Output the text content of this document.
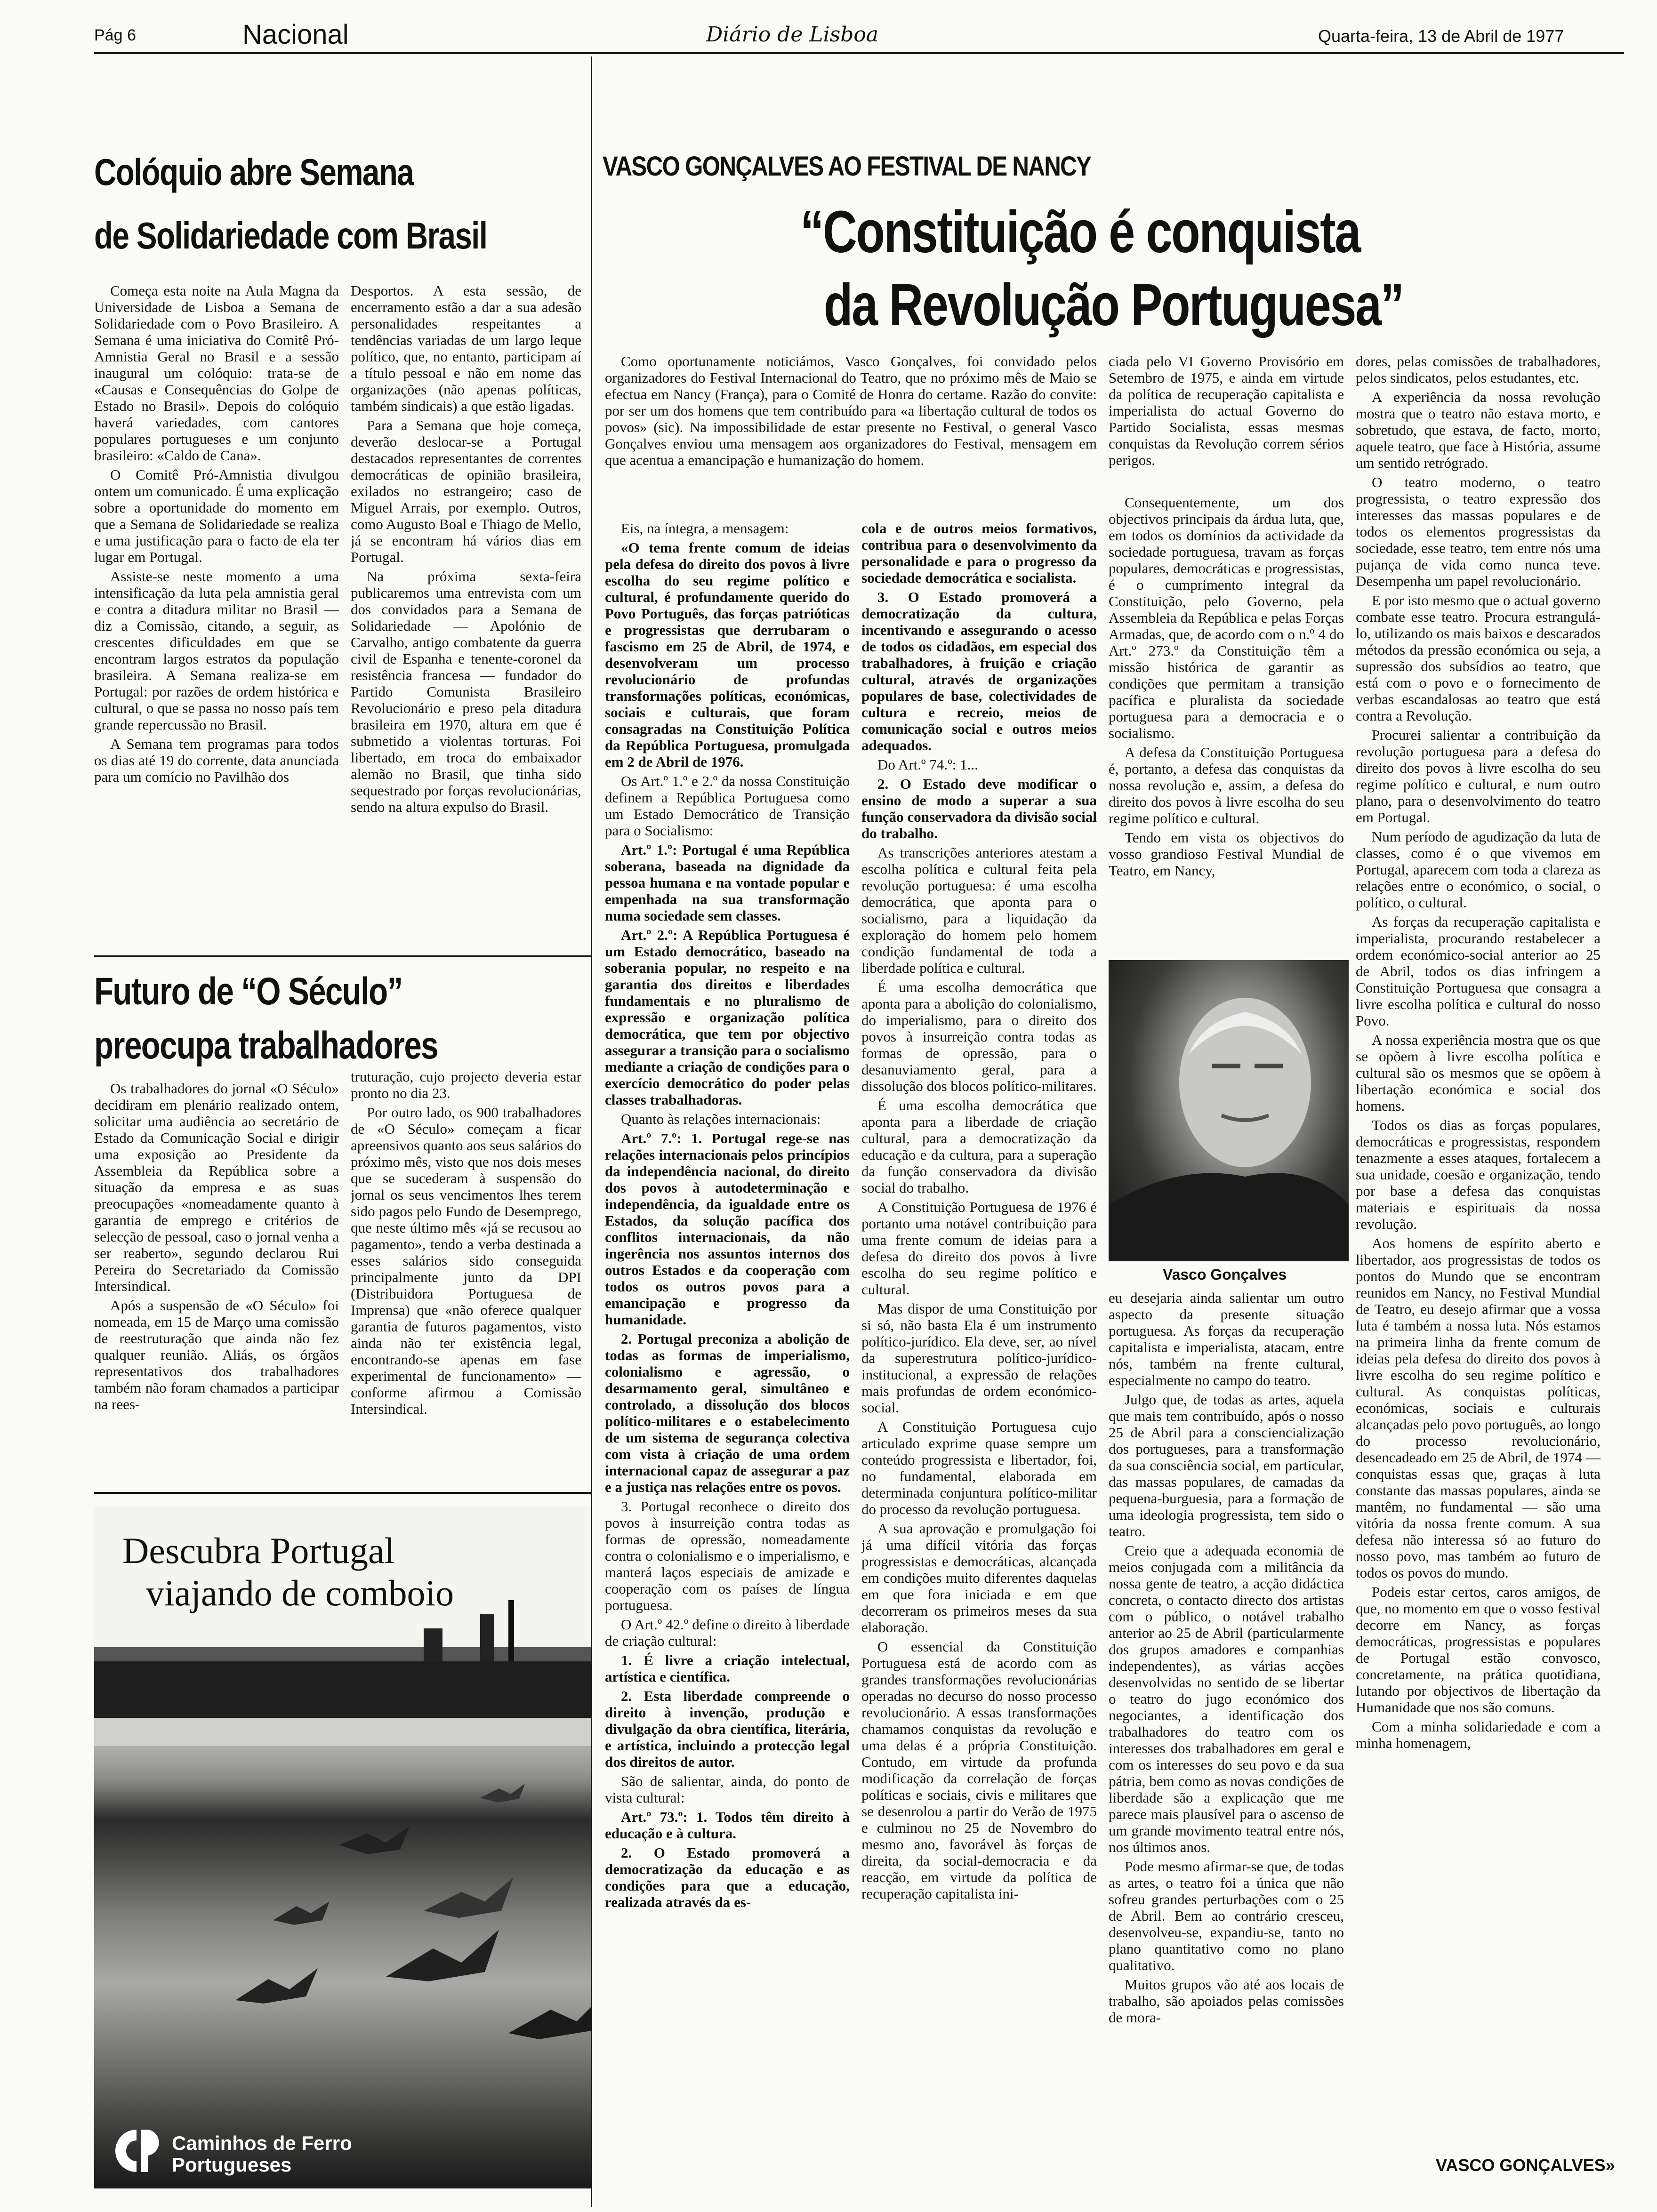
Pág 6	Nacional	Diário de Lisboa	Quarta-feira, 13 de Abril de 1977
Colóquio abre Semana
de Solidariedade com Brasil

Começa esta noite na Aula Magna da Universidade de Lisboa a Semana de Solidariedade com o Povo Brasileiro. A Semana é uma iniciativa do Comitê Pró-Amnistia Geral no Brasil e a sessão inaugural um colóquio: trata-se de «Causas e Consequências do Golpe de Estado no Brasil». Depois do colóquio haverá variedades, com cantores populares portugueses e um conjunto brasileiro: «Caldo de Cana».

O Comitê Pró-Amnistia divulgou ontem um comunicado. É uma explicação sobre a oportunidade do momento em que a Semana de Solidariedade se realiza e uma justificação para o facto de ela ter lugar em Portugal.

Assiste-se neste momento a uma intensificação da luta pela amnistia geral e contra a ditadura militar no Brasil — diz a Comissão, citando, a seguir, as crescentes dificuldades em que se encontram largos estratos da população brasileira. A Semana realiza-se em Portugal: por razões de ordem histórica e cultural, o que se passa no nosso país tem grande repercussão no Brasil.

A Semana tem programas para todos os dias até 19 do corrente, data anunciada para um comício no Pavilhão dos

Desportos. A esta sessão, de encerramento estão a dar a sua adesão personalidades respeitantes a tendências variadas de um largo leque político, que, no entanto, participam aí a título pessoal e não em nome das organizações (não apenas políticas, também sindicais) a que estão ligadas.

Para a Semana que hoje começa, deverão deslocar-se a Portugal destacados representantes de correntes democráticas de opinião brasileira, exilados no estrangeiro; caso de Miguel Arrais, por exemplo. Outros, como Augusto Boal e Thiago de Mello, já se encontram há vários dias em Portugal.

Na próxima sexta-feira publicaremos uma entrevista com um dos convidados para a Semana de Solidariedade — Apolónio de Carvalho, antigo combatente da guerra civil de Espanha e tenente-coronel da resistência francesa — fundador do Partido Comunista Brasileiro Revolucionário e preso pela ditadura brasileira em 1970, altura em que é submetido a violentas torturas. Foi libertado, em troca do embaixador alemão no Brasil, que tinha sido sequestrado por forças revolucionárias, sendo na altura expulso do Brasil.

Futuro de “O Século”
preocupa trabalhadores

Os trabalhadores do jornal «O Século» decidiram em plenário realizado ontem, solicitar uma audiência ao secretário de Estado da Comunicação Social e dirigir uma exposição ao Presidente da Assembleia da República sobre a situação da empresa e as suas preocupações «nomeadamente quanto à garantia de emprego e critérios de selecção de pessoal, caso o jornal venha a ser reaberto», segundo declarou Rui Pereira do Secretariado da Comissão Intersindical.

Após a suspensão de «O Século» foi nomeada, em 15 de Março uma comissão de reestruturação que ainda não fez qualquer reunião. Aliás, os órgãos representativos dos trabalhadores também não foram chamados a participar na rees-

truturação, cujo projecto deveria estar pronto no dia 23.

Por outro lado, os 900 trabalhadores de «O Século» começam a ficar apreensivos quanto aos seus salários do próximo mês, visto que nos dois meses que se sucederam à suspensão do jornal os seus vencimentos lhes terem sido pagos pelo Fundo de Desemprego, que neste último mês «já se recusou ao pagamento», tendo a verba destinada a esses salários sido conseguida principalmente junto da DPI (Distribuidora Portuguesa de Imprensa) que «não oferece qualquer garantia de futuros pagamentos, visto ainda não ter existência legal, encontrando-se apenas em fase experimental de funcionamento» — conforme afirmou a Comissão Intersindical.

Descubra Portugal
viajando de comboio
Caminhos de Ferro
Portugueses
VASCO GONÇALVES AO FESTIVAL DE NANCY
“Constituição é conquista
da Revolução Portuguesa”

Como oportunamente noticiámos, Vasco Gonçalves, foi convidado pelos organizadores do Festival Internacional do Teatro, que no próximo mês de Maio se efectua em Nancy (França), para o Comité de Honra do certame. Razão do convite: por ser um dos homens que tem contribuído para «a libertação cultural de todos os povos» (sic). Na impossibilidade de estar presente no Festival, o general Vasco Gonçalves enviou uma mensagem aos organizadores do Festival, mensagem em que acentua a emancipação e humanização do homem.

ciada pelo VI Governo Provisório em Setembro de 1975, e ainda em virtude da política de recuperação capitalista e imperialista do actual Governo do Partido Socialista, essas mesmas conquistas da Revolução correm sérios perigos.

Eis, na íntegra, a mensagem:

«O tema frente comum de ideias pela defesa do direito dos povos à livre escolha do seu regime político e cultural, é profundamente querido do Povo Português, das forças patrióticas e progressistas que derrubaram o fascismo em 25 de Abril, de 1974, e desenvolveram um processo revolucionário de profundas transformações políticas, económicas, sociais e culturais, que foram consagradas na Constituição Política da República Portuguesa, promulgada em 2 de Abril de 1976.

Os Art.º 1.º e 2.º da nossa Constituição definem a República Portuguesa como um Estado Democrático de Transição para o Socialismo:

Art.º 1.º: Portugal é uma República soberana, baseada na dignidade da pessoa humana e na vontade popular e empenhada na sua transformação numa sociedade sem classes.

Art.º 2.º: A República Portuguesa é um Estado democrático, baseado na soberania popular, no respeito e na garantia dos direitos e liberdades fundamentais e no pluralismo de expressão e organização política democrática, que tem por objectivo assegurar a transição para o socialismo mediante a criação de condições para o exercício democrático do poder pelas classes trabalhadoras.

Quanto às relações internacionais:

Art.º 7.º: 1. Portugal rege-se nas relações internacionais pelos princípios da independência nacional, do direito dos povos à autodeterminação e independência, da igualdade entre os Estados, da solução pacífica dos conflitos internacionais, da não ingerência nos assuntos internos dos outros Estados e da cooperação com todos os outros povos para a emancipação e progresso da humanidade.

2. Portugal preconiza a abolição de todas as formas de imperialismo, colonialismo e agressão, o desarmamento geral, simultâneo e controlado, a dissolução dos blocos político-militares e o estabelecimento de um sistema de segurança colectiva com vista à criação de uma ordem internacional capaz de assegurar a paz e a justiça nas relações entre os povos.

3. Portugal reconhece o direito dos povos à insurreição contra todas as formas de opressão, nomeadamente contra o colonialismo e o imperialismo, e manterá laços especiais de amizade e cooperação com os países de língua portuguesa.

O Art.º 42.º define o direito à liberdade de criação cultural:

1. É livre a criação intelectual, artística e científica.

2. Esta liberdade compreende o direito à invenção, produção e divulgação da obra científica, literária, e artística, incluindo a protecção legal dos direitos de autor.

São de salientar, ainda, do ponto de vista cultural:

Art.º 73.º: 1. Todos têm direito à educação e à cultura.

2. O Estado promoverá a democratização da educação e as condições para que a educação, realizada através da es-

cola e de outros meios formativos, contribua para o desenvolvimento da personalidade e para o progresso da sociedade democrática e socialista.

3. O Estado promoverá a democratização da cultura, incentivando e assegurando o acesso de todos os cidadãos, em especial dos trabalhadores, à fruição e criação cultural, através de organizações populares de base, colectividades de cultura e recreio, meios de comunicação social e outros meios adequados.

Do Art.º 74.º: 1...

2. O Estado deve modificar o ensino de modo a superar a sua função conservadora da divisão social do trabalho.

As transcrições anteriores atestam a escolha política e cultural feita pela revolução portuguesa: é uma escolha democrática, que aponta para o socialismo, para a liquidação da exploração do homem pelo homem condição fundamental de toda a liberdade política e cultural.

É uma escolha democrática que aponta para a abolição do colonialismo, do imperialismo, para o direito dos povos à insurreição contra todas as formas de opressão, para o desanuviamento geral, para a dissolução dos blocos político-militares.

É uma escolha democrática que aponta para a liberdade de criação cultural, para a democratização da educação e da cultura, para a superação da função conservadora da divisão social do trabalho.

A Constituição Portuguesa de 1976 é portanto uma notável contribuição para uma frente comum de ideias para a defesa do direito dos povos à livre escolha do seu regime político e cultural.

Mas dispor de uma Constituição por si só, não basta Ela é um instrumento político-jurídico. Ela deve, ser, ao nível da superestrutura político-jurídico-institucional, a expressão de relações mais profundas de ordem económico-social.

A Constituição Portuguesa cujo articulado exprime quase sempre um conteúdo progressista e libertador, foi, no fundamental, elaborada em determinada conjuntura político-militar do processo da revolução portuguesa.

A sua aprovação e promulgação foi já uma difícil vitória das forças progressistas e democráticas, alcançada em condições muito diferentes daquelas em que fora iniciada e em que decorreram os primeiros meses da sua elaboração.

O essencial da Constituição Portuguesa está de acordo com as grandes transformações revolucionárias operadas no decurso do nosso processo revolucionário. A essas transformações chamamos conquistas da revolução e uma delas é a própria Constituição. Contudo, em virtude da profunda modificação da correlação de forças políticas e sociais, civis e militares que se desenrolou a partir do Verão de 1975 e culminou no 25 de Novembro do mesmo ano, favorável às forças de direita, da social-democracia e da reacção, em virtude da política de recuperação capitalista ini-

Consequentemente, um dos objectivos principais da árdua luta, que, em todos os domínios da actividade da sociedade portuguesa, travam as forças populares, democráticas e progressistas, é o cumprimento integral da Constituição, pelo Governo, pela Assembleia da República e pelas Forças Armadas, que, de acordo com o n.º 4 do Art.º 273.º da Constituição têm a missão histórica de garantir as condições que permitam a transição pacífica e pluralista da sociedade portuguesa para a democracia e o socialismo.

A defesa da Constituição Portuguesa é, portanto, a defesa das conquistas da nossa revolução e, assim, a defesa do direito dos povos à livre escolha do seu regime político e cultural.

Tendo em vista os objectivos do vosso grandioso Festival Mundial de Teatro, em Nancy,

Vasco Gonçalves

eu desejaria ainda salientar um outro aspecto da presente situação portuguesa. As forças da recuperação capitalista e imperialista, atacam, entre nós, também na frente cultural, especialmente no campo do teatro.

Julgo que, de todas as artes, aquela que mais tem contribuído, após o nosso 25 de Abril para a consciencialização dos portugueses, para a transformação da sua consciência social, em particular, das massas populares, de camadas da pequena-burguesia, para a formação de uma ideologia progressista, tem sido o teatro.

Creio que a adequada economia de meios conjugada com a militância da nossa gente de teatro, a acção didáctica concreta, o contacto directo dos artistas com o público, o notável trabalho anterior ao 25 de Abril (particularmente dos grupos amadores e companhias independentes), as várias acções desenvolvidas no sentido de se libertar o teatro do jugo económico dos negociantes, a identificação dos trabalhadores do teatro com os interesses dos trabalhadores em geral e com os interesses do seu povo e da sua pátria, bem como as novas condições de liberdade são a explicação que me parece mais plausível para o ascenso de um grande movimento teatral entre nós, nos últimos anos.

Pode mesmo afirmar-se que, de todas as artes, o teatro foi a única que não sofreu grandes perturbações com o 25 de Abril. Bem ao contrário cresceu, desenvolveu-se, expandiu-se, tanto no plano quantitativo como no plano qualitativo.

Muitos grupos vão até aos locais de trabalho, são apoiados pelas comissões de mora-

dores, pelas comissões de trabalhadores, pelos sindicatos, pelos estudantes, etc.

A experiência da nossa revolução mostra que o teatro não estava morto, e sobretudo, que estava, de facto, morto, aquele teatro, que face à História, assume um sentido retrógrado.

O teatro moderno, o teatro progressista, o teatro expressão dos interesses das massas populares e de todos os elementos progressistas da sociedade, esse teatro, tem entre nós uma pujança de vida como nunca teve. Desempenha um papel revolucionário.

E por isto mesmo que o actual governo combate esse teatro. Procura estrangulá-lo, utilizando os mais baixos e descarados métodos da pressão económica ou seja, a supressão dos subsídios ao teatro, que está com o povo e o fornecimento de verbas escandalosas ao teatro que está contra a Revolução.

Procurei salientar a contribuição da revolução portuguesa para a defesa do direito dos povos à livre escolha do seu regime político e cultural, e num outro plano, para o desenvolvimento do teatro em Portugal.

Num período de agudização da luta de classes, como é o que vivemos em Portugal, aparecem com toda a clareza as relações entre o económico, o social, o político, o cultural.

As forças da recuperação capitalista e imperialista, procurando restabelecer a ordem económico-social anterior ao 25 de Abril, todos os dias infringem a Constituição Portuguesa que consagra a livre escolha política e cultural do nosso Povo.

A nossa experiência mostra que os que se opõem à livre escolha política e cultural são os mesmos que se opõem à libertação económica e social dos homens.

Todos os dias as forças populares, democráticas e progressistas, respondem tenazmente a esses ataques, fortalecem a sua unidade, coesão e organização, tendo por base a defesa das conquistas materiais e espirituais da nossa revolução.

Aos homens de espírito aberto e libertador, aos progressistas de todos os pontos do Mundo que se encontram reunidos em Nancy, no Festival Mundial de Teatro, eu desejo afirmar que a vossa luta é também a nossa luta. Nós estamos na primeira linha da frente comum de ideias pela defesa do direito dos povos à livre escolha do seu regime político e cultural. As conquistas políticas, económicas, sociais e culturais alcançadas pelo povo português, ao longo do processo revolucionário, desencadeado em 25 de Abril, de 1974 — conquistas essas que, graças à luta constante das massas populares, ainda se mantêm, no fundamental — são uma vitória da nossa frente comum. A sua defesa não interessa só ao futuro do nosso povo, mas também ao futuro de todos os povos do mundo.

Podeis estar certos, caros amigos, de que, no momento em que o vosso festival decorre em Nancy, as forças democráticas, progressistas e populares de Portugal estão convosco, concretamente, na prática quotidiana, lutando por objectivos de libertação da Humanidade que nos são comuns.

Com a minha solidariedade e com a minha homenagem,

VASCO GONÇALVES»
